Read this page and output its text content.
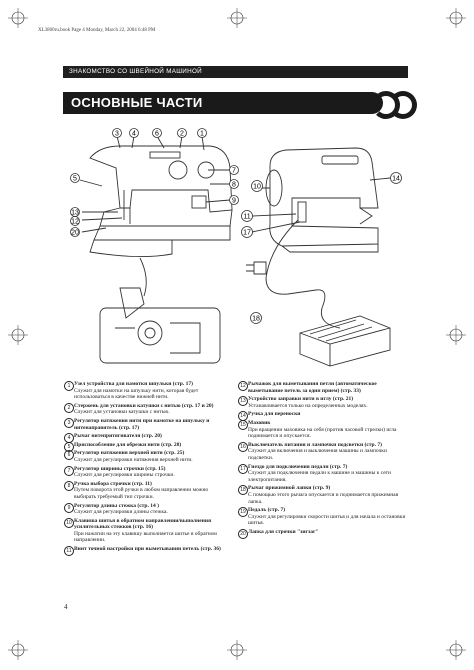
XL3800ru.book Page 4 Monday, March 22, 2004 6:48 PM
ЗНАКОМСТВО СО ШВЕЙНОЙ МАШИНОЙ
ОСНОВНЫЕ ЧАСТИ
3 4	6	2 1
7
8
9
5
13
12
20
10
11
17
14
18
1 Узел устройства для намотки шпульки (стр. 17)
Служит для намотки на шпульку нити, которая будет использоваться в качестве нижней нити.
2 Стержень для установки катушки с нитью (стр. 17 и 20)
Служит для установки катушки с нитью.
3 Регулятор натяжения нити при намотке на шпульку и нитенаправитель (стр. 17)
4 Рычаг нитепритягивателя (стр. 20)
5 Приспособление для обрезки нити (стр. 28)
6 Регулятор натяжения верхней нити (стр. 25)
Служит для регулировки натяжения верхней нити.
7 Регулятор ширины строчки (стр. 15)
Служит для регулировки ширины строчки.
8 Ручка выбора строчки (стр. 11)
Путем поворота этой ручки в любом направлении можно выбирать требуемый тип строчки.
9 Регулятор длины стежка (стр. 14 )
Служит для регулировки длины стежка.
10 Клавиша шитья в обратном направлении/выполнения усилительных стежков (стр. 16)
При нажатии на эту клавишу выполняется шитье в обратном направлении.
11 Винт точной настройки при выметывании петель (стр. 36)
12 Рычажок для выметывания петли (автоматическое выметывание петель за один прием) (стр. 33)
13 Устройство заправки нити в иглу (стр. 21)
Устанавливается только на определенных моделях.
14 Ручка для переноски
15 Маховик
При вращении маховика на себя (против часовой стрелки) игла поднимается и опускается.
16 Выключатель питания и лампочки подсветки (стр. 7)
Служит для включения и выключения машины и лампочки подсветки.
17 Гнездо для подключения педали (стр. 7)
Служит для подключения педали к машине и машины к сети электропитания.
18 Рычаг прижимной лапки (стр. 9)
С помощью этого рычага опускается и поднимается прижимная лапка.
19 Педаль (стр. 7)
Служит для регулировки скорости шитья и для начала и остановки шитья.
20 Лапка для строчки "зигзаг"
4
